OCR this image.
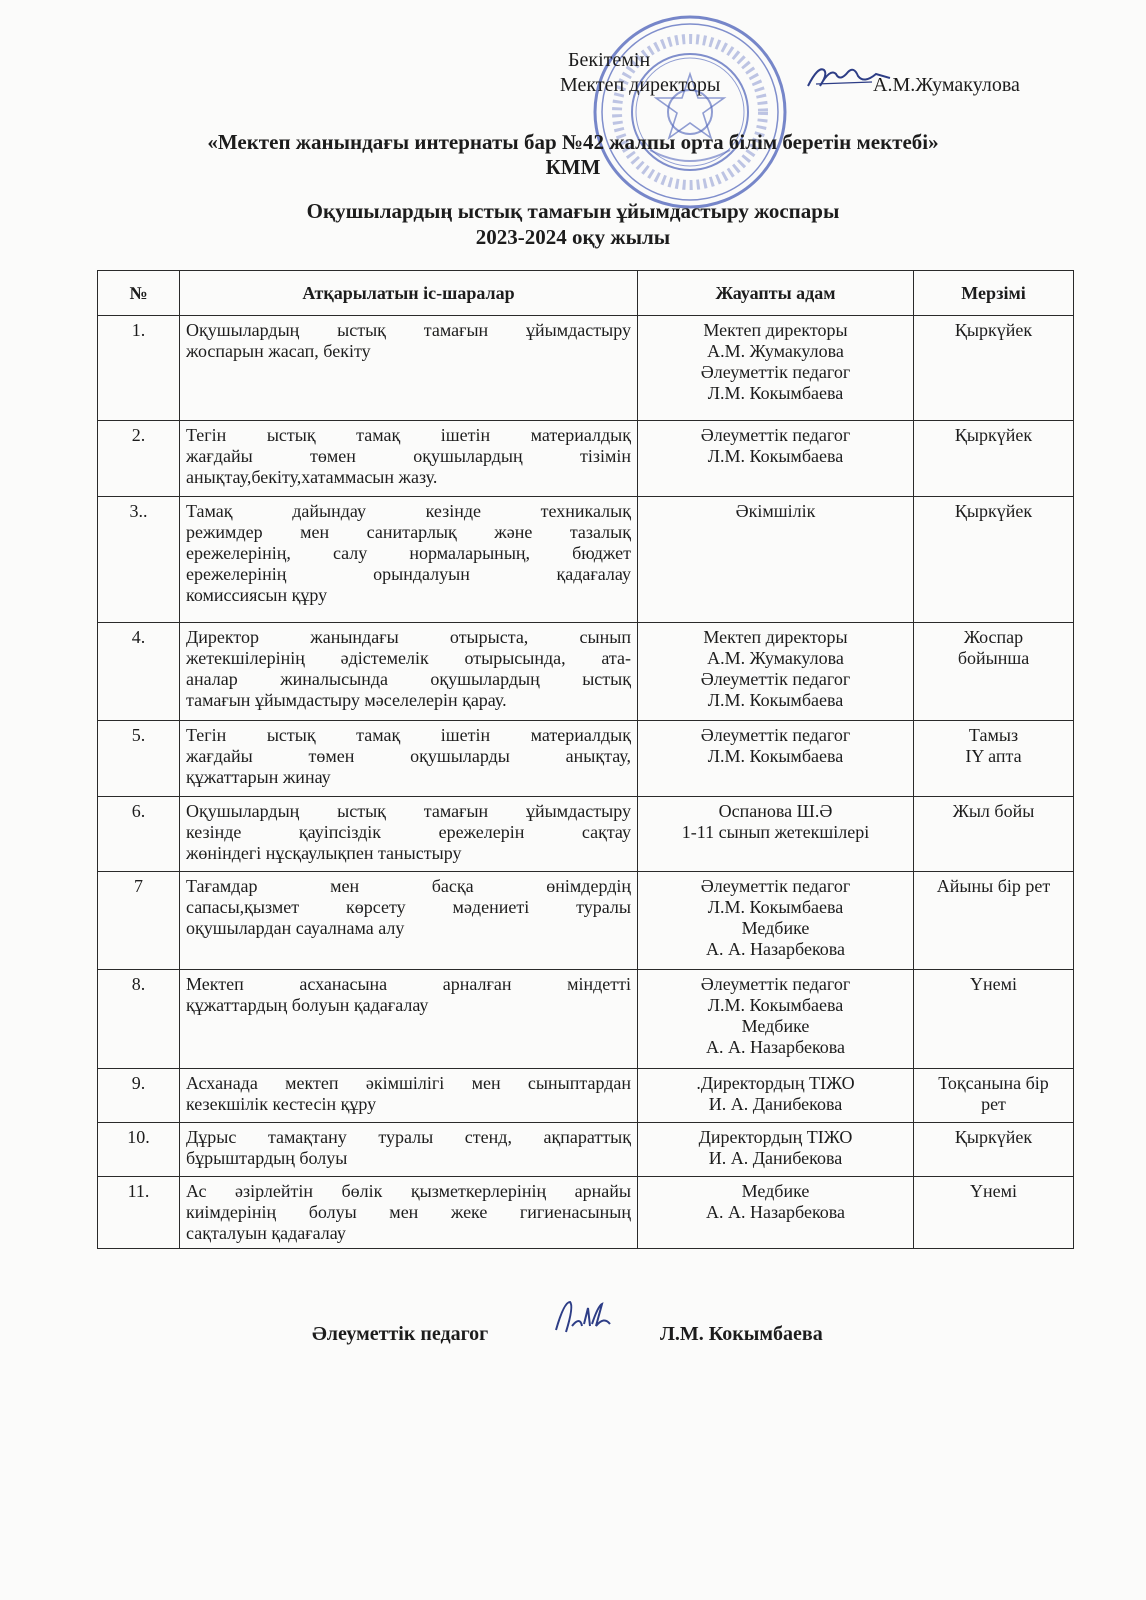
Бекітемін
Мектеп директоры	А.М.Жумакулова
«Мектеп жанындағы интернаты бар №42 жалпы орта білім беретін мектебі»
КММ
Оқушылардың ыстық тамағын ұйымдастыру жоспары
2023-2024 оқу жылы
№	Атқарылатын іс-шаралар	Жауапты адам	Мерзімі
1.	Оқушылардың ыстық тамағын ұйымдастыру
жоспарын жасап, бекіту	Мектеп директоры
А.М. Жумакулова
Әлеуметтік педагог
Л.М. Кокымбаева	Қыркүйек

2.	Тегін ыстық тамақ ішетін материалдық
жағдайы төмен оқушылардың тізімін
анықтау,бекіту,хатаммасын жазу.	Әлеуметтік педагог
Л.М. Кокымбаева	Қыркүйек

3..	Тамақ дайындау кезінде техникалық
режимдер мен санитарлық және тазалық
ережелерінің, салу нормаларының, бюджет
ережелерінің орындалуын қадағалау
комиссиясын құру	Әкімшілік	Қыркүйек

4.	Директор жанындағы отырыста, сынып
жетекшілерінің әдістемелік отырысында, ата-
аналар жиналысында оқушылардың ыстық
тамағын ұйымдастыру мәселелерін қарау.	Мектеп директоры
А.М. Жумакулова
Әлеуметтік педагог
Л.М. Кокымбаева	Жоспар
бойынша

5.	Тегін ыстық тамақ ішетін материалдық
жағдайы төмен оқушыларды анықтау,
құжаттарын жинау	Әлеуметтік педагог
Л.М. Кокымбаева	Тамыз
IY апта

6.	Оқушылардың ыстық тамағын ұйымдастыру
кезінде қауіпсіздік ережелерін сақтау
жөніндегі нұсқаулықпен таныстыру	Оспанова Ш.Ә
1-11 сынып жетекшілері	Жыл бойы

7	Тағамдар мен басқа өнімдердің
сапасы,қызмет көрсету мәдениеті туралы
оқушылардан сауалнама алу	Әлеуметтік педагог
Л.М. Кокымбаева
Медбике
А. А. Назарбекова	Айыны бір рет

8.	Мектеп асханасына арналған міндетті
құжаттардың болуын қадағалау	Әлеуметтік педагог
Л.М. Кокымбаева
Медбике
А. А. Назарбекова	Үнемі

9.	Асханада мектеп әкімшілігі мен сыныптардан
кезекшілік кестесін құру	.Директордың ТІЖО
И. А. Данибекова	Тоқсанына бір
рет

10.	Дұрыс тамақтану туралы стенд, ақпараттық
бұрыштардың болуы	Директордың ТІЖО
И. А. Данибекова	Қыркүйек

11.	Ас әзірлейтін бөлік қызметкерлерінің арнайы
киімдерінің болуы мен жеке гигиенасының
сақталуын қадағалау	Медбике
А. А. Назарбекова	Үнемі
Әлеуметтік педагог	Л.М. Кокымбаева
